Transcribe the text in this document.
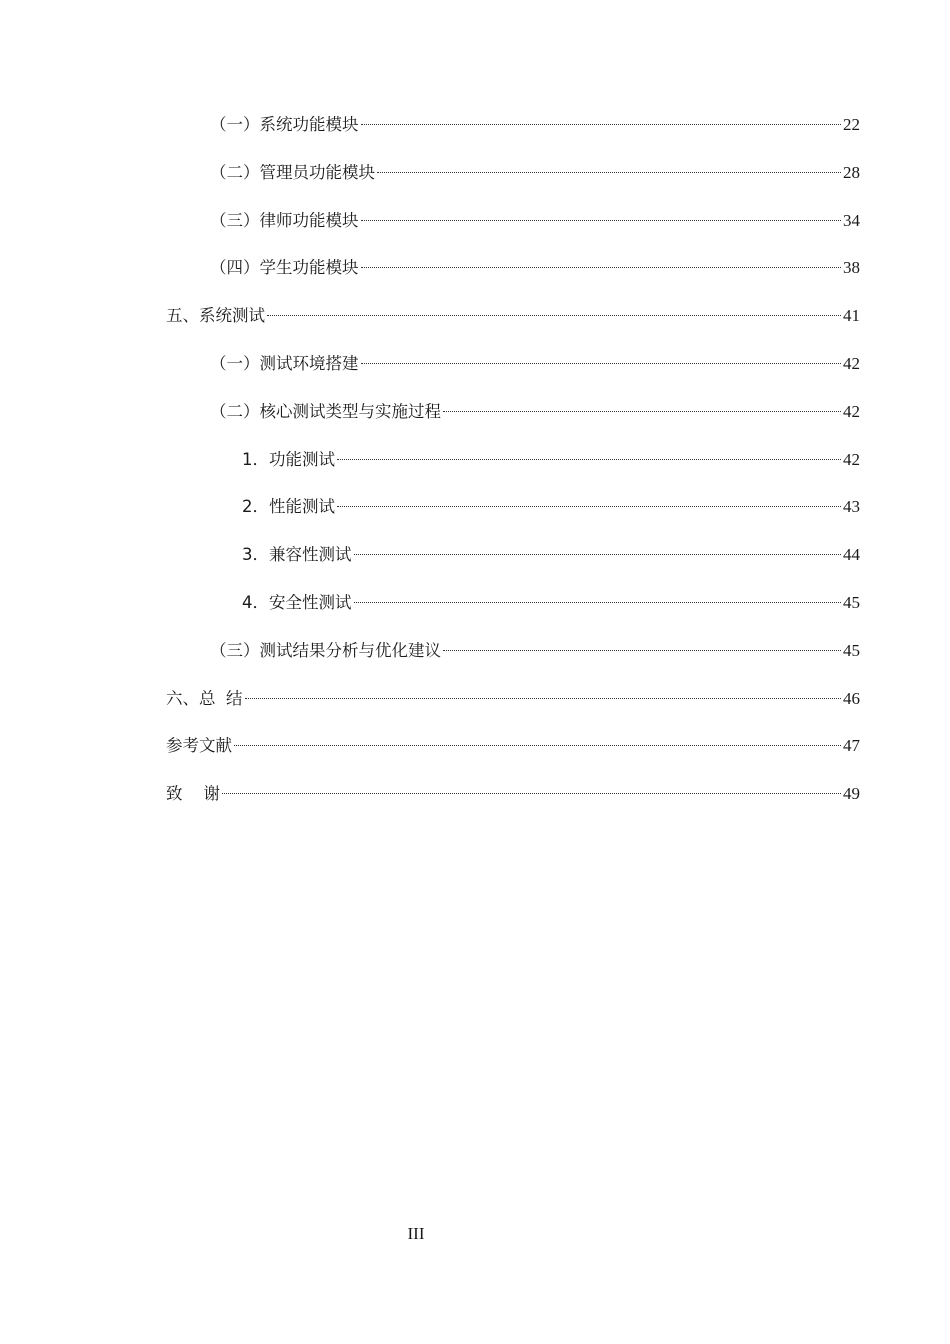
（一）系统功能模块	22
（二）管理员功能模块	28
（三）律师功能模块	34
（四）学生功能模块	38
五、系统测试	41
（一）测试环境搭建	42
（二）核心测试类型与实施过程	42
1．功能测试	42
2．性能测试	43
3．兼容性测试	44
4．安全性测试	45
（三）测试结果分析与优化建议	45
六、总  结	46
参考文献	47
致    谢	49
III
